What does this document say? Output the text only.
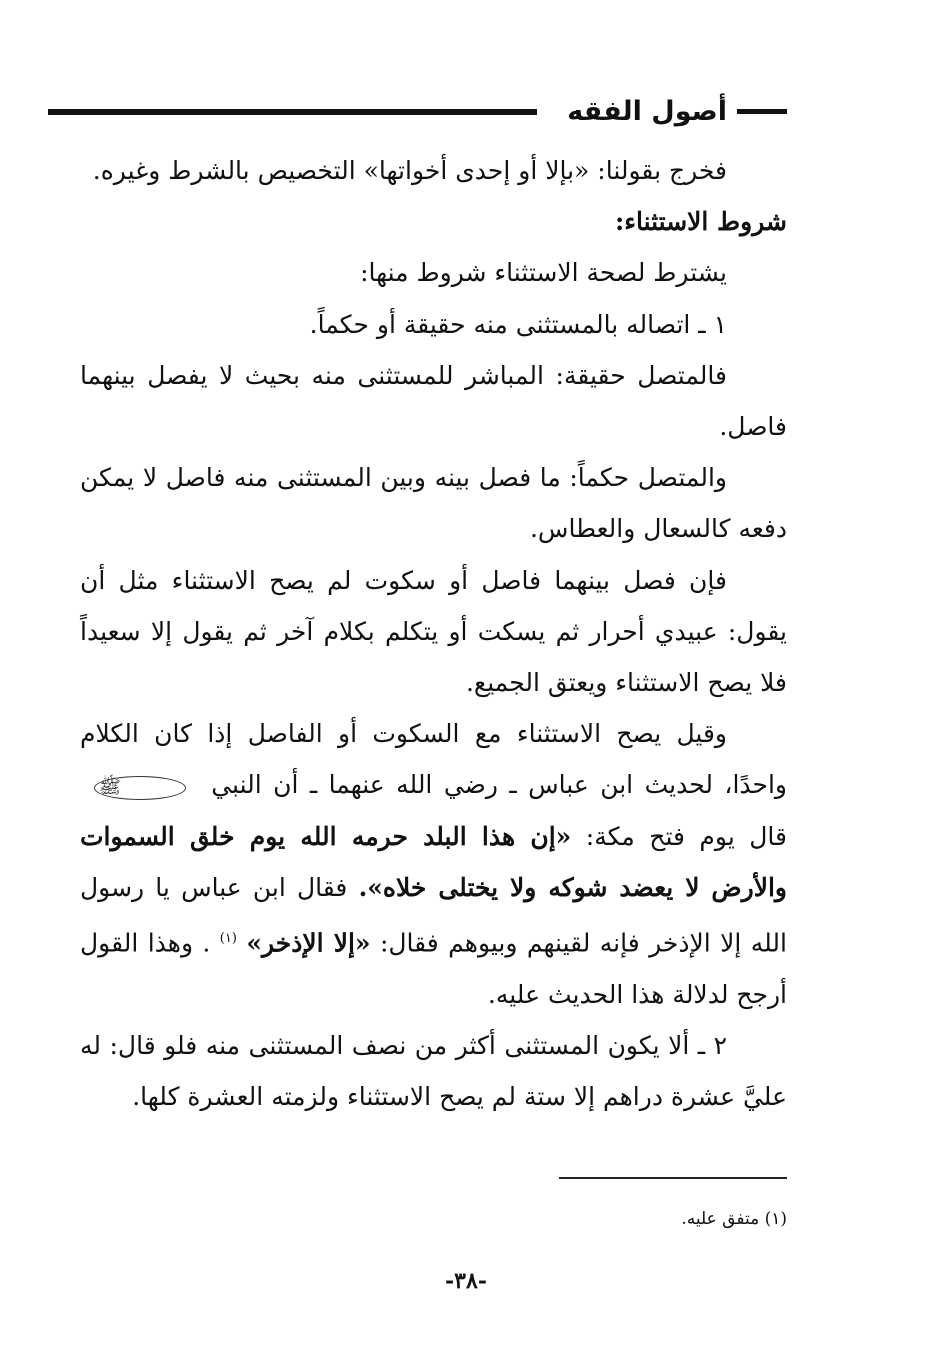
أصول الفقه

فخرج بقولنا: «بإلا أو إحدى أخواتها» التخصيص بالشرط وغيره.

شروط الاستثناء:

يشترط لصحة الاستثناء شروط منها:

١ ـ اتصاله بالمستثنى منه حقيقة أو حكماً.

فالمتصل حقيقة: المباشر للمستثنى منه بحيث لا يفصل بينهما فاصل.

والمتصل حكماً: ما فصل بينه وبين المستثنى منه فاصل لا يمكن دفعه كالسعال والعطاس.

فإن فصل بينهما فاصل أو سكوت لم يصح الاستثناء مثل أن يقول: عبيدي أحرار ثم يسكت أو يتكلم بكلام آخر ثم يقول إلا سعيداً فلا يصح الاستثناء ويعتق الجميع.

وقيل يصح الاستثناء مع السكوت أو الفاصل إذا كان الكلام واحدًا، لحديث ابن عباس ـ رضي الله عنهما ـ أن النبي ﷺ قال يوم فتح مكة: «إن هذا البلد حرمه الله يوم خلق السموات والأرض لا يعضد شوكه ولا يختلى خلاه». فقال ابن عباس يا رسول الله إلا الإذخر فإنه لقينهم وبيوهم فقال: «إلا الإذخر» $^{(١)}$ . وهذا القول أرجح لدلالة هذا الحديث عليه.

٢ ـ ألا يكون المستثنى أكثر من نصف المستثنى منه فلو قال: له عليَّ عشرة دراهم إلا ستة لم يصح الاستثناء ولزمته العشرة كلها.

(١) متفق عليه.
-٣٨-
